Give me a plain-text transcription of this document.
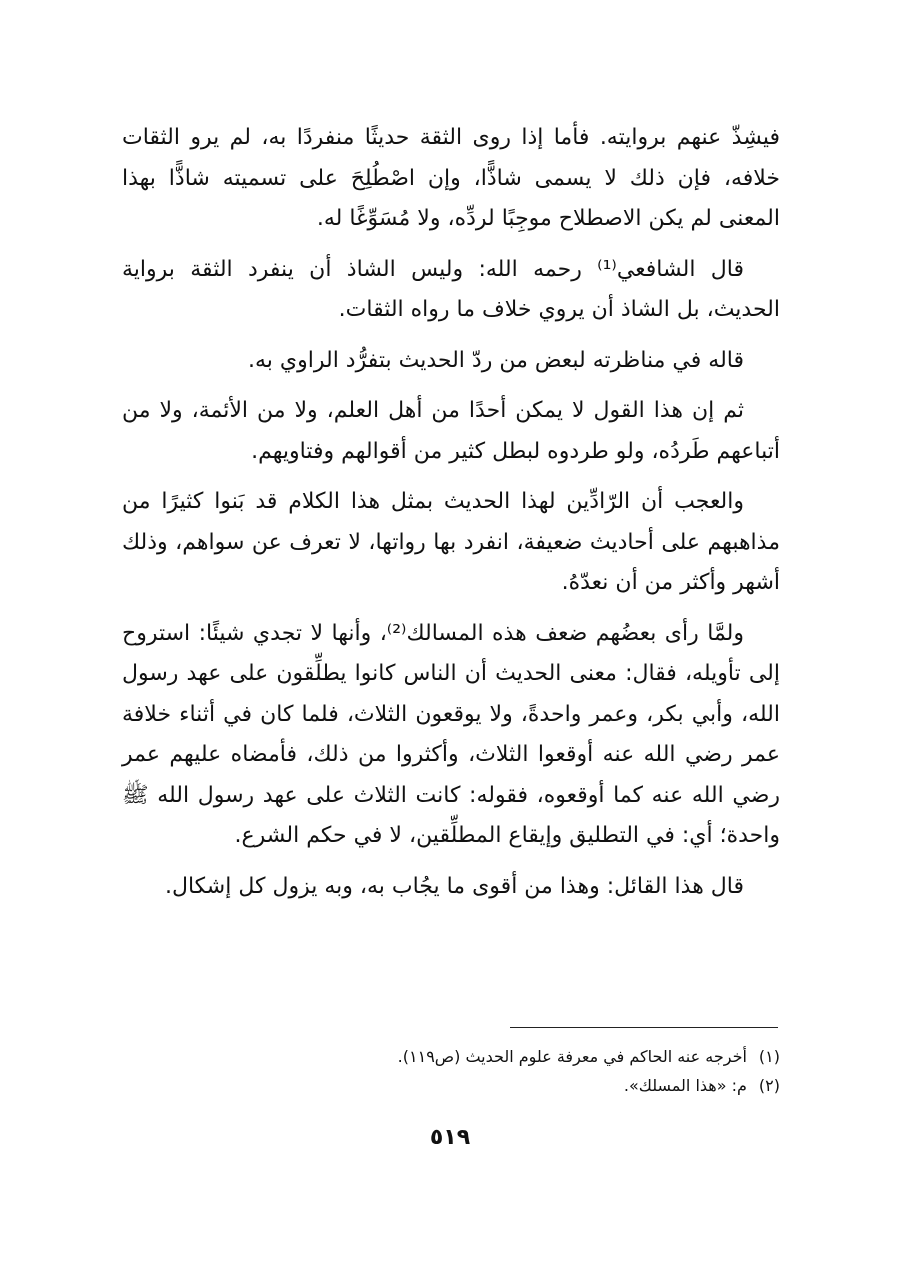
فيشِذّ عنهم بروايته. فأما إذا روى الثقة حديثًا منفردًا به، لم يرو الثقات خلافه، فإن ذلك لا يسمى شاذًّا، وإن اصْطُلِحَ على تسميته شاذًّا بهذا المعنى لم يكن الاصطلاح موجِبًا لردِّه، ولا مُسَوِّغًا له.

قال الشافعي⁽¹⁾ رحمه الله: وليس الشاذ أن ينفرد الثقة برواية الحديث، بل الشاذ أن يروي خلاف ما رواه الثقات.

قاله في مناظرته لبعض من ردّ الحديث بتفرُّد الراوي به.

ثم إن هذا القول لا يمكن أحدًا من أهل العلم، ولا من الأئمة، ولا من أتباعهم طَردُه، ولو طردوه لبطل كثير من أقوالهم وفتاويهم.

والعجب أن الرّادِّين لهذا الحديث بمثل هذا الكلام قد بَنوا كثيرًا من مذاهبهم على أحاديث ضعيفة، انفرد بها رواتها، لا تعرف عن سواهم، وذلك أشهر وأكثر من أن نعدّهُ.

ولمَّا رأى بعضُهم ضعف هذه المسالك⁽²⁾، وأنها لا تجدي شيئًا: استروح إلى تأويله، فقال: معنى الحديث أن الناس كانوا يطلِّقون على عهد رسول الله، وأبي بكر، وعمر واحدةً، ولا يوقعون الثلاث، فلما كان في أثناء خلافة عمر رضي الله عنه أوقعوا الثلاث، وأكثروا من ذلك، فأمضاه عليهم عمر رضي الله عنه كما أوقعوه، فقوله: كانت الثلاث على عهد رسول الله ﷺ واحدة؛ أي: في التطليق وإيقاع المطلِّقين، لا في حكم الشرع.

قال هذا القائل: وهذا من أقوى ما يجُاب به، وبه يزول كل إشكال.

(١) أخرجه عنه الحاكم في معرفة علوم الحديث (ص١١٩).

(٢) م: «هذا المسلك».

٥١٩
